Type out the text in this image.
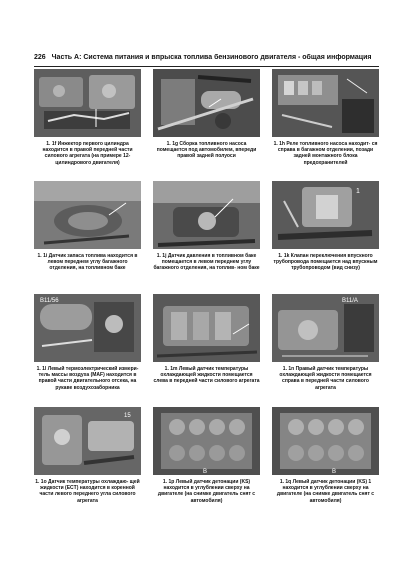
226 Часть А: Система питания и впрыска топлива бензинового двигателя - общая информация
1. 1f Инжектор первого цилиндра находится в правой передней части силового агрегата (на примере 12-цилиндрового двигателя)
1. 1g Сборка топливного насоса помещается под автомобилем, впереди правой задней полуоси
1. 1h Реле топливного насоса находит- ся справа в багажном отделении, позади задней монтажного блока предохранителей
1. 1i Датчик запаса топлива находится в левом переднем углу багажного отделения, на топливном баке
1. 1j Датчик давления в топливном баке помещается в левом переднем углу багажного отделения, на топлив- ном баке
1
1. 1k Клапан переключения впускного трубопровода помещается над впускным трубопроводом (вид снизу)
B11/56
1. 1l Левый термоэлектрический измери- тель массы воздуха (MAF) находится в правой части двигательного отсека, на рукаве воздухозаборника
1. 1m Левый датчик температуры охлаждающей жидкости помещается слева в передней части силового агрегата
B11/A
1. 1n Правый датчик температуры охлаждающей жидкости помещается справа в передней части силового агрегата
15
1. 1o Датчик температуры охлаждаю- щей жидкости (ECT) находится в коренной части левого переднего угла силового агрегата
B
1. 1p Левый датчик детонации (KS) находится в углублении сверху на двигателе (на снимке двигатель снят с автомобиля)
B
1. 1q Левый датчик детонации (KS) 1 находится в углублении сверху на двигателе (на снимке двигатель снят с автомобиля)
